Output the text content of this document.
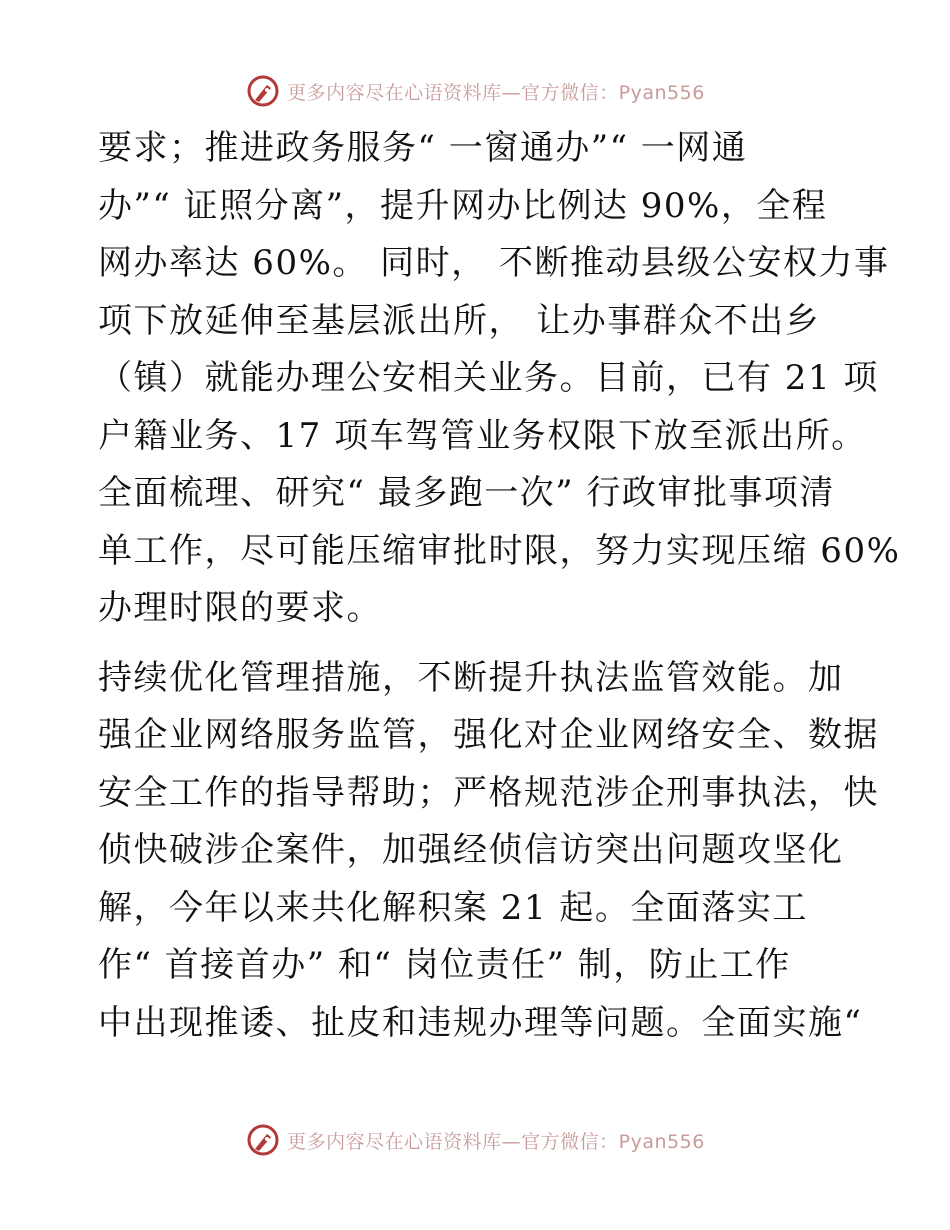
更多内容尽在心语资料库—官方微信：Pyan556
要求；推进政务服务“ 一窗通办”“ 一网通
办”“ 证照分离”，提升网办比例达 90%，全程
网办率达 60%。 同时， 不断推动县级公安权力事
项下放延伸至基层派出所， 让办事群众不出乡
（镇）就能办理公安相关业务。目前，已有 21 项
户籍业务、17 项车驾管业务权限下放至派出所。
全面梳理、研究“ 最多跑一次” 行政审批事项清
单工作，尽可能压缩审批时限，努力实现压缩 60%
办理时限的要求。
持续优化管理措施，不断提升执法监管效能。加
强企业网络服务监管，强化对企业网络安全、数据
安全工作的指导帮助；严格规范涉企刑事执法，快
侦快破涉企案件，加强经侦信访突出问题攻坚化
解，今年以来共化解积案 21 起。全面落实工
作“ 首接首办” 和“ 岗位责任” 制，防止工作
中出现推诿、扯皮和违规办理等问题。全面实施“
更多内容尽在心语资料库—官方微信：Pyan556
